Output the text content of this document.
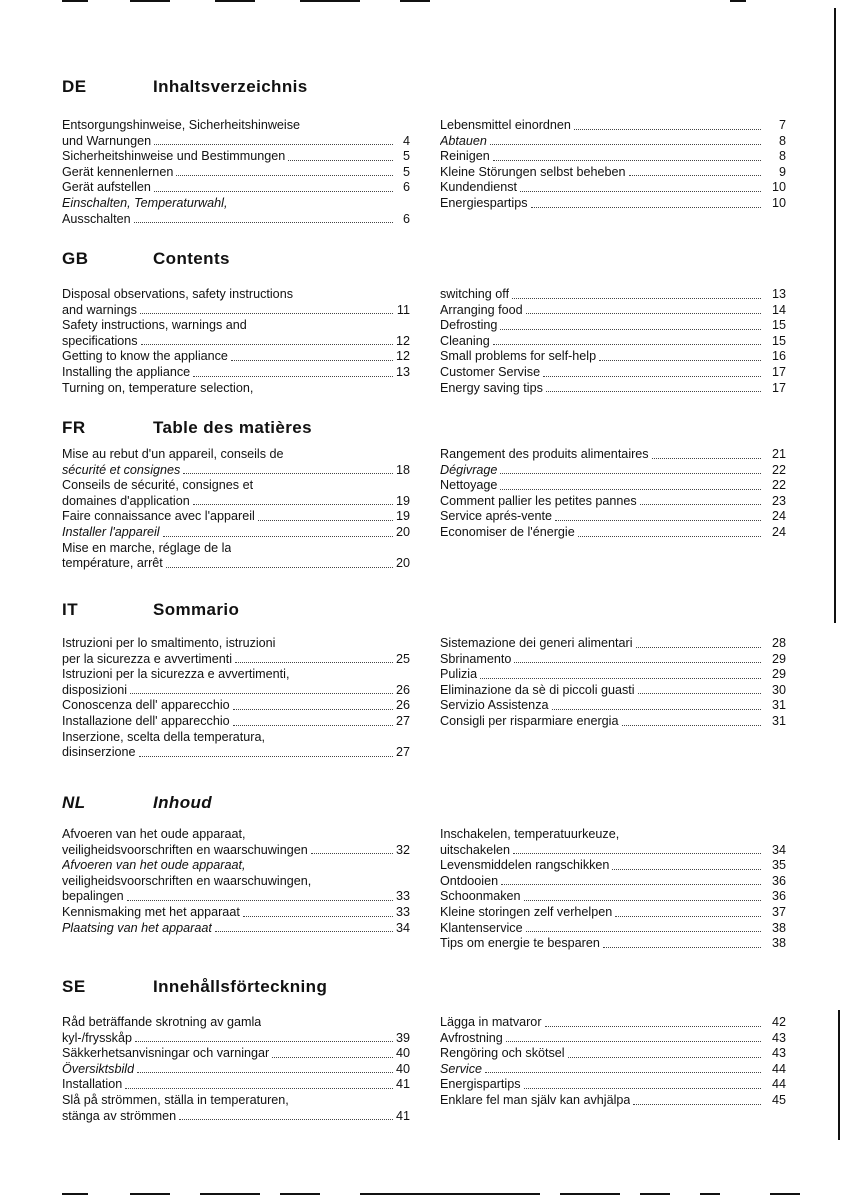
DE	Inhaltsverzeichnis
Entsorgungshinweise, Sicherheitshinweise
und Warnungen	4
Sicherheitshinweise und Bestimmungen	5
Gerät kennenlernen	5
Gerät aufstellen	6
Einschalten, Temperaturwahl,
Ausschalten	6
Lebensmittel einordnen	7
Abtauen	8
Reinigen	8
Kleine Störungen selbst beheben	9
Kundendienst	10
Energiespartips	10
GB	Contents
Disposal observations, safety instructions
and warnings	11
Safety instructions, warnings and
specifications	12
Getting to know the appliance	12
Installing the appliance	13
Turning on, temperature selection,
switching off	13
Arranging food	14
Defrosting	15
Cleaning	15
Small problems for self-help	16
Customer Servise	17
Energy saving tips	17
FR	Table des matières
Mise au rebut d'un appareil, conseils de
sécurité et consignes	18
Conseils de sécurité, consignes et
domaines d'application	19
Faire connaissance avec l'appareil	19
Installer l'appareil	20
Mise en marche, réglage de la
température, arrêt	20
Rangement des produits alimentaires	21
Dégivrage	22
Nettoyage	22
Comment pallier les petites pannes	23
Service aprés-vente	24
Economiser de l'énergie	24
IT	Sommario
Istruzioni per lo smaltimento, istruzioni
per la sicurezza e avvertimenti	25
Istruzioni per la sicurezza e avvertimenti,
disposizioni	26
Conoscenza dell' apparecchio	26
Installazione dell' apparecchio	27
Inserzione, scelta della temperatura,
disinserzione	27
Sistemazione dei generi alimentari	28
Sbrinamento	29
Pulizia	29
Eliminazione da sè di piccoli guasti	30
Servizio Assistenza	31
Consigli per risparmiare energia	31
NL	Inhoud
Afvoeren van het oude apparaat,
veiligheidsvoorschriften en waarschuwingen	32
Afvoeren van het oude apparaat,
veiligheidsvoorschriften en waarschuwingen,
bepalingen	33
Kennismaking met het apparaat	33
Plaatsing van het apparaat	34
Inschakelen, temperatuurkeuze,
uitschakelen	34
Levensmiddelen rangschikken	35
Ontdooien	36
Schoonmaken	36
Kleine storingen zelf verhelpen	37
Klantenservice	38
Tips om energie te besparen	38
SE	Innehållsförteckning
Råd beträffande skrotning av gamla
kyl-/frysskåp	39
Säkkerhetsanvisningar och varningar	40
Översiktsbild	40
Installation	41
Slå på strömmen, ställa in temperaturen,
stänga av strömmen	41
Lägga in matvaror	42
Avfrostning	43
Rengöring och skötsel	43
Service	44
Energispartips	44
Enklare fel man själv kan avhjälpa	45
